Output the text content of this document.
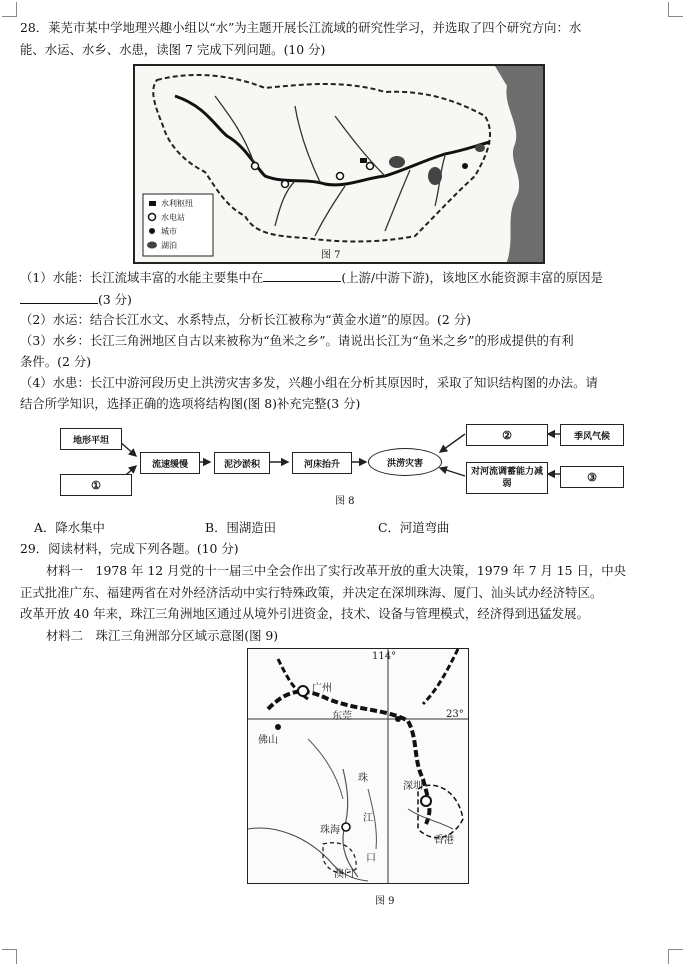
28．莱芜市某中学地理兴趣小组以“水”为主题开展长江流域的研究性学习，并选取了四个研究方向：水
能、水运、水乡、水患，读图 7 完成下列问题。(10 分)
水利枢纽
水电站
城市
湖泊
图 7
（1）水能：长江流域丰富的水能主要集中在	(上游/中游下游)，该地区水能资源丰富的原因是
(3 分)
（2）水运：结合长江水文、水系特点，分析长江被称为“黄金水道”的原因。(2 分)
（3）水乡：长江三角洲地区自古以来被称为“鱼米之乡”。请说出长江为“鱼米之乡”的形成提供的有利
条件。(2 分)
（4）水患：长江中游河段历史上洪涝灾害多发，兴趣小组在分析其原因时，采取了知识结构图的办法。请
结合所学知识，选择正确的选项将结构图(图 8)补充完整(3 分)
地形平坦
①
流速缓慢	泥沙淤积	河床抬升	洪涝灾害
②	季风气候
对河流调蓄能力减弱
③
图 8
A．降水集中	B．围湖造田	C．河道弯曲
29．阅读材料，完成下列各题。(10 分)
材料一　1978 年 12 月党的十一届三中全会作出了实行改革开放的重大决策，1979 年 7 月 15 日，中央
正式批准广东、福建两省在对外经济活动中实行特殊政策，并决定在深圳珠海、厦门、汕头试办经济特区。
改革开放 40 年来，珠江三角洲地区通过从境外引进资金，技术、设备与管理模式，经济得到迅猛发展。
材料二　珠江三角洲部分区域示意图(图 9)
114°
23°
广州
东莞
佛山
深圳
珠海
澳门
香港
珠
江
口
图 9
